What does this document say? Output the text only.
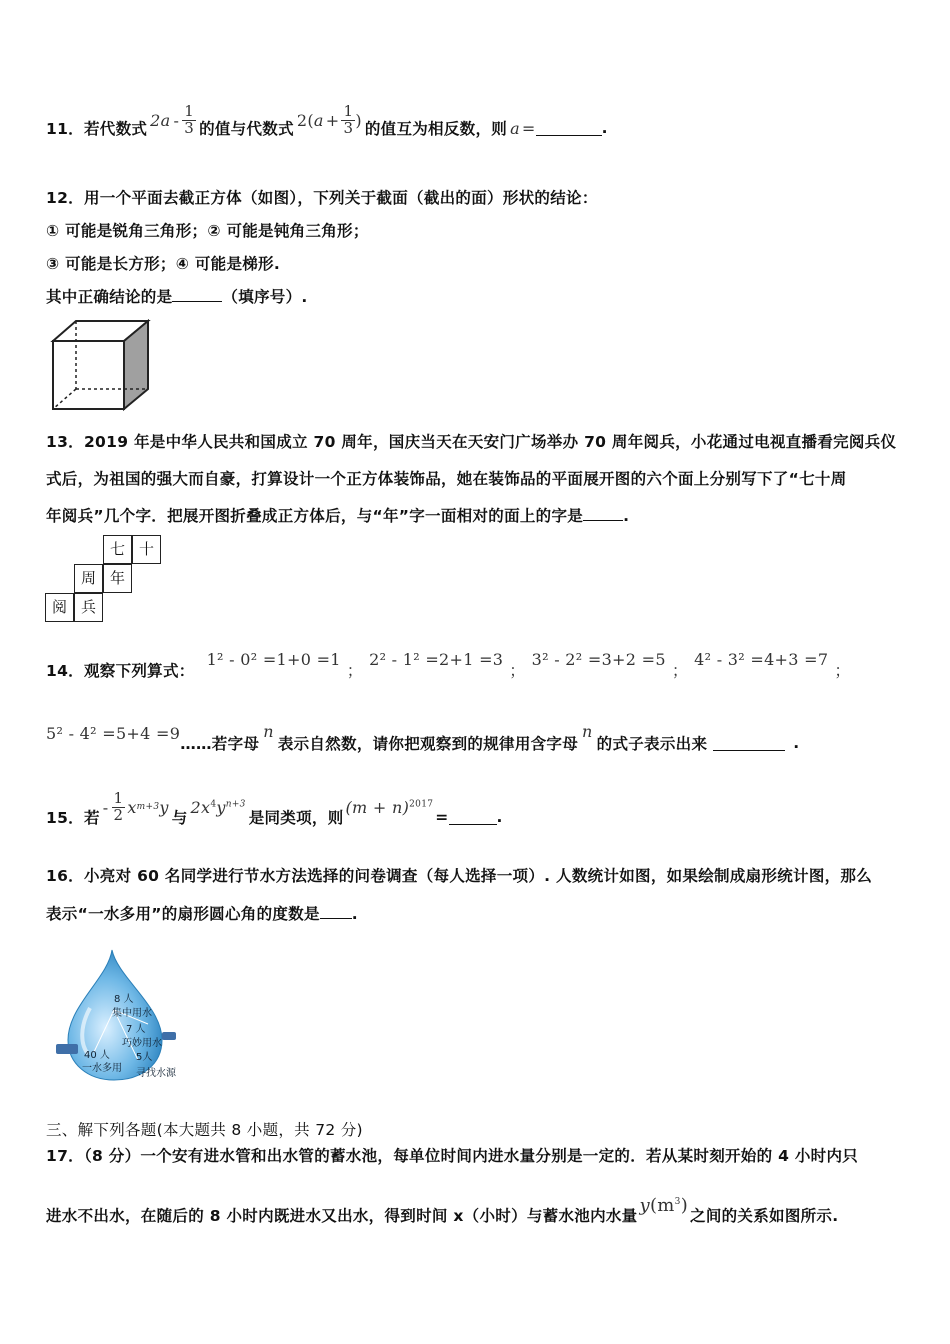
11．若代数式 $2a - \frac{1}{3}$ 的值与代数式 2( $a + \frac{1}{3}$ ) 的值互为相反数，则 a =	.
12．用一个平面去截正方体（如图），下列关于截面（截出的面）形状的结论：
① 可能是锐角三角形；② 可能是钝角三角形；
③ 可能是长方形；④ 可能是梯形.
其中正确结论的是	（填序号）.
13．2019 年是中华人民共和国成立 70 周年，国庆当天在天安门广场举办 70 周年阅兵，小花通过电视直播看完阅兵仪
式后，为祖国的强大而自豪，打算设计一个正方体装饰品，她在装饰品的平面展开图的六个面上分别写下了“七十周
年阅兵”几个字．把展开图折叠成正方体后，与“年”字一面相对的面上的字是	.
七 十
周 年
阅 兵
14．观察下列算式：
1² - 0² =1+0 =1
；
2² - 1² =2+1 =3
；
3² - 2² =3+2 =5
；
4² - 3² =4+3 =7
；
5² - 4² =5+4 =9
……若字母
n
表示自然数，请你把观察到的规律用含字母
n
的式子表示出来	.
15．若
- $\frac{1}{2}$ x m+3 y
与
$2x^4y^{n+3}$
是同类项，则
$(m + n)^{2017}$
=	.
16．小亮对 60 名同学进行节水方法选择的问卷调查（每人选择一项）. 人数统计如图，如果绘制成扇形统计图，那么
表示“一水多用”的扇形圆心角的度数是 .
8 人
集中用水
7 人
巧妙用水
40 人
一水多用
5人
寻找水源
三、解下列各题(本大题共 8 小题，共 72 分)
17．（8 分）一个安有进水管和出水管的蓄水池，每单位时间内进水量分别是一定的．若从某时刻开始的 4 小时内只
进水不出水，在随后的 8 小时内既进水又出水，得到时间 x（小时）与蓄水池内水量
$y(m^3)$
之间的关系如图所示.
